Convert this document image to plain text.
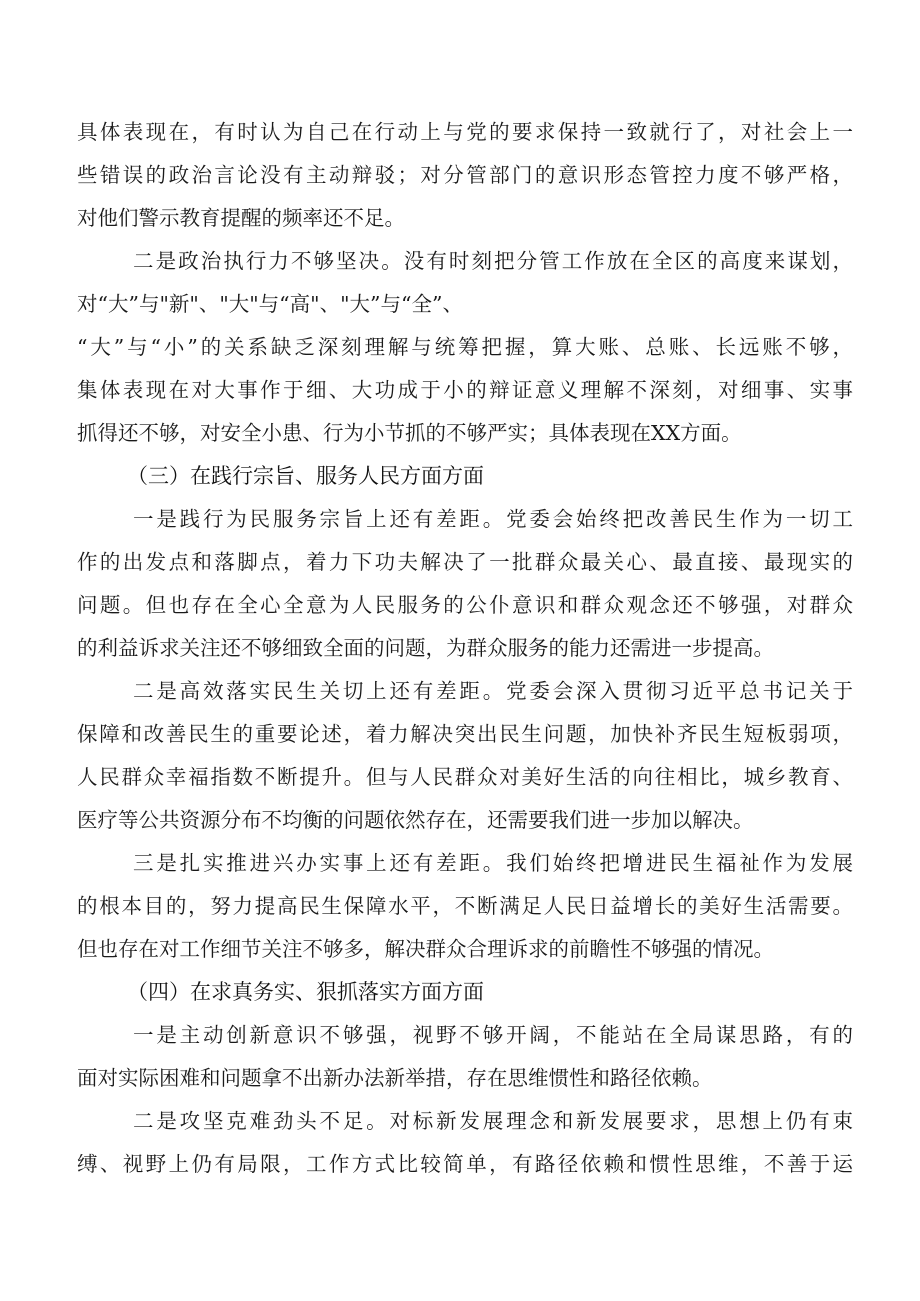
具体表现在，有时认为自己在行动上与党的要求保持一致就行了，对社会上一
些错误的政治言论没有主动辩驳；对分管部门的意识形态管控力度不够严格，
对他们警示教育提醒的频率还不足。
二是政治执行力不够坚决。没有时刻把分管工作放在全区的高度来谋划，
对“大”与"新"、"大"与“高"、"大”与“全”、
“大”与“小”的关系缺乏深刻理解与统筹把握，算大账、总账、长远账不够，
集体表现在对大事作于细、大功成于小的辩证意义理解不深刻，对细事、实事
抓得还不够，对安全小患、行为小节抓的不够严实；具体表现在XX方面。
（三）在践行宗旨、服务人民方面方面
一是践行为民服务宗旨上还有差距。党委会始终把改善民生作为一切工
作的出发点和落脚点，着力下功夫解决了一批群众最关心、最直接、最现实的
问题。但也存在全心全意为人民服务的公仆意识和群众观念还不够强，对群众
的利益诉求关注还不够细致全面的问题，为群众服务的能力还需进一步提高。
二是高效落实民生关切上还有差距。党委会深入贯彻习近平总书记关于
保障和改善民生的重要论述，着力解决突出民生问题，加快补齐民生短板弱项，
人民群众幸福指数不断提升。但与人民群众对美好生活的向往相比，城乡教育、
医疗等公共资源分布不均衡的问题依然存在，还需要我们进一步加以解决。
三是扎实推进兴办实事上还有差距。我们始终把增进民生福祉作为发展
的根本目的，努力提高民生保障水平，不断满足人民日益增长的美好生活需要。
但也存在对工作细节关注不够多，解决群众合理诉求的前瞻性不够强的情况。
（四）在求真务实、狠抓落实方面方面
一是主动创新意识不够强，视野不够开阔，不能站在全局谋思路，有的
面对实际困难和问题拿不出新办法新举措，存在思维惯性和路径依赖。
二是攻坚克难劲头不足。对标新发展理念和新发展要求，思想上仍有束
缚、视野上仍有局限，工作方式比较简单，有路径依赖和惯性思维，不善于运
